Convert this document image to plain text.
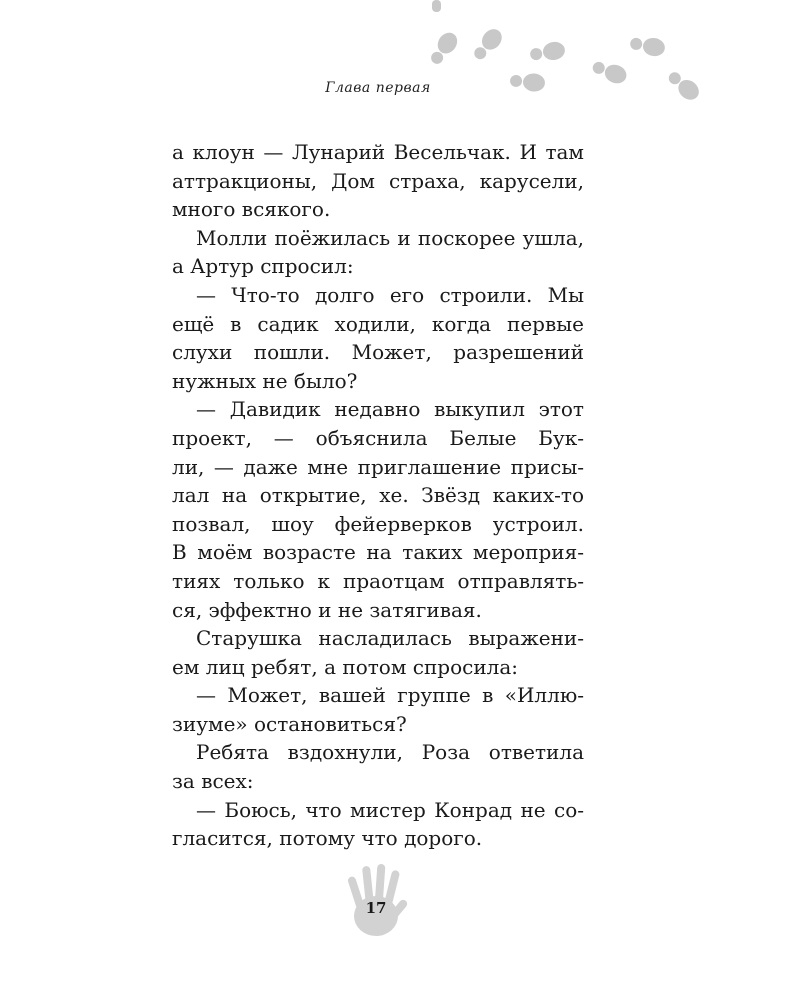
Глава первая
а клоун — Лунарий Весельчак. И там
аттракционы, Дом страха, карусели,
много всякого.
Молли поёжилась и поскорее ушла,
а Артур спросил:
— Что-то долго его строили. Мы
ещё в садик ходили, когда первые
слухи пошли. Может, разрешений
нужных не было?
— Давидик недавно выкупил этот
проект, — объяснила Белые Бук-
ли, — даже мне приглашение присы-
лал на открытие, хе. Звёзд каких-то
позвал, шоу фейерверков устроил.
В моём возрасте на таких мероприя-
тиях только к праотцам отправлять-
ся, эффектно и не затягивая.
Старушка насладилась выражени-
ем лиц ребят, а потом спросила:
— Может, вашей группе в «Иллю-
зиуме» остановиться?
Ребята вздохнули, Роза ответила
за всех:
— Боюсь, что мистер Конрад не со-
гласится, потому что дорого.
17
